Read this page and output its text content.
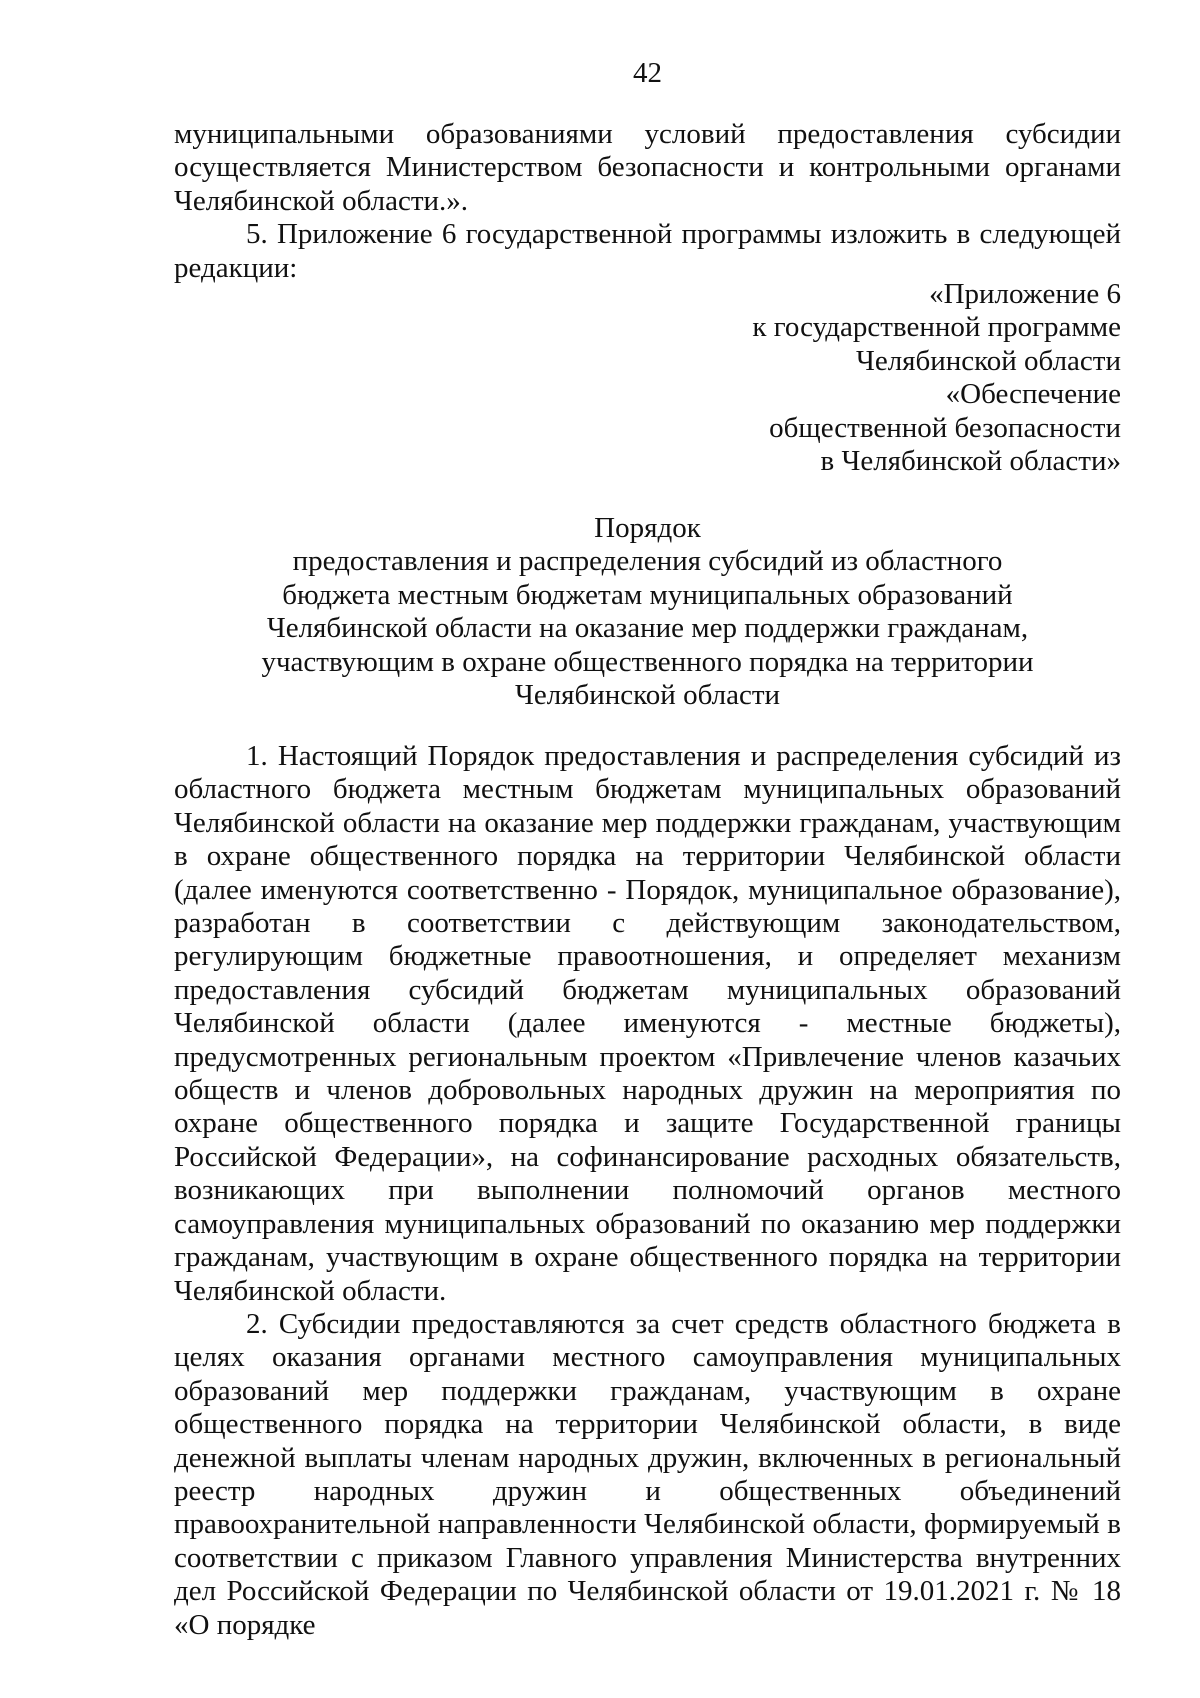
42

муниципальными образованиями условий предоставления субсидии осуществляется Министерством безопасности и контрольными органами Челябинской области.».

5. Приложение 6 государственной программы изложить в следующей редакции:

«Приложение 6
к государственной программе
Челябинской области
«Обеспечение
общественной безопасности
в Челябинской области»
Порядок
предоставления и распределения субсидий из областного
бюджета местным бюджетам муниципальных образований
Челябинской области на оказание мер поддержки гражданам,
участвующим в охране общественного порядка на территории
Челябинской области

1. Настоящий Порядок предоставления и распределения субсидий из областного бюджета местным бюджетам муниципальных образований Челябинской области на оказание мер поддержки гражданам, участвующим в охране общественного порядка на территории Челябинской области (далее именуются соответственно - Порядок, муниципальное образование), разработан в соответствии с действующим законодательством, регулирующим бюджетные правоотношения, и определяет механизм предоставления субсидий бюджетам муниципальных образований Челябинской области (далее именуются - местные бюджеты), предусмотренных региональным проектом «Привлечение членов казачьих обществ и членов добровольных народных дружин на мероприятия по охране общественного порядка и защите Государственной границы Российской Федерации», на софинансирование расходных обязательств, возникающих при выполнении полномочий органов местного самоуправления муниципальных образований по оказанию мер поддержки гражданам, участвующим в охране общественного порядка на территории Челябинской области.

2. Субсидии предоставляются за счет средств областного бюджета в целях оказания органами местного самоуправления муниципальных образований мер поддержки гражданам, участвующим в охране общественного порядка на территории Челябинской области, в виде денежной выплаты членам народных дружин, включенных в региональный реестр народных дружин и общественных объединений правоохранительной направленности Челябинской области, формируемый в соответствии с приказом Главного управления Министерства внутренних дел Российской Федерации по Челябинской области от 19.01.2021 г. № 18 «О порядке
